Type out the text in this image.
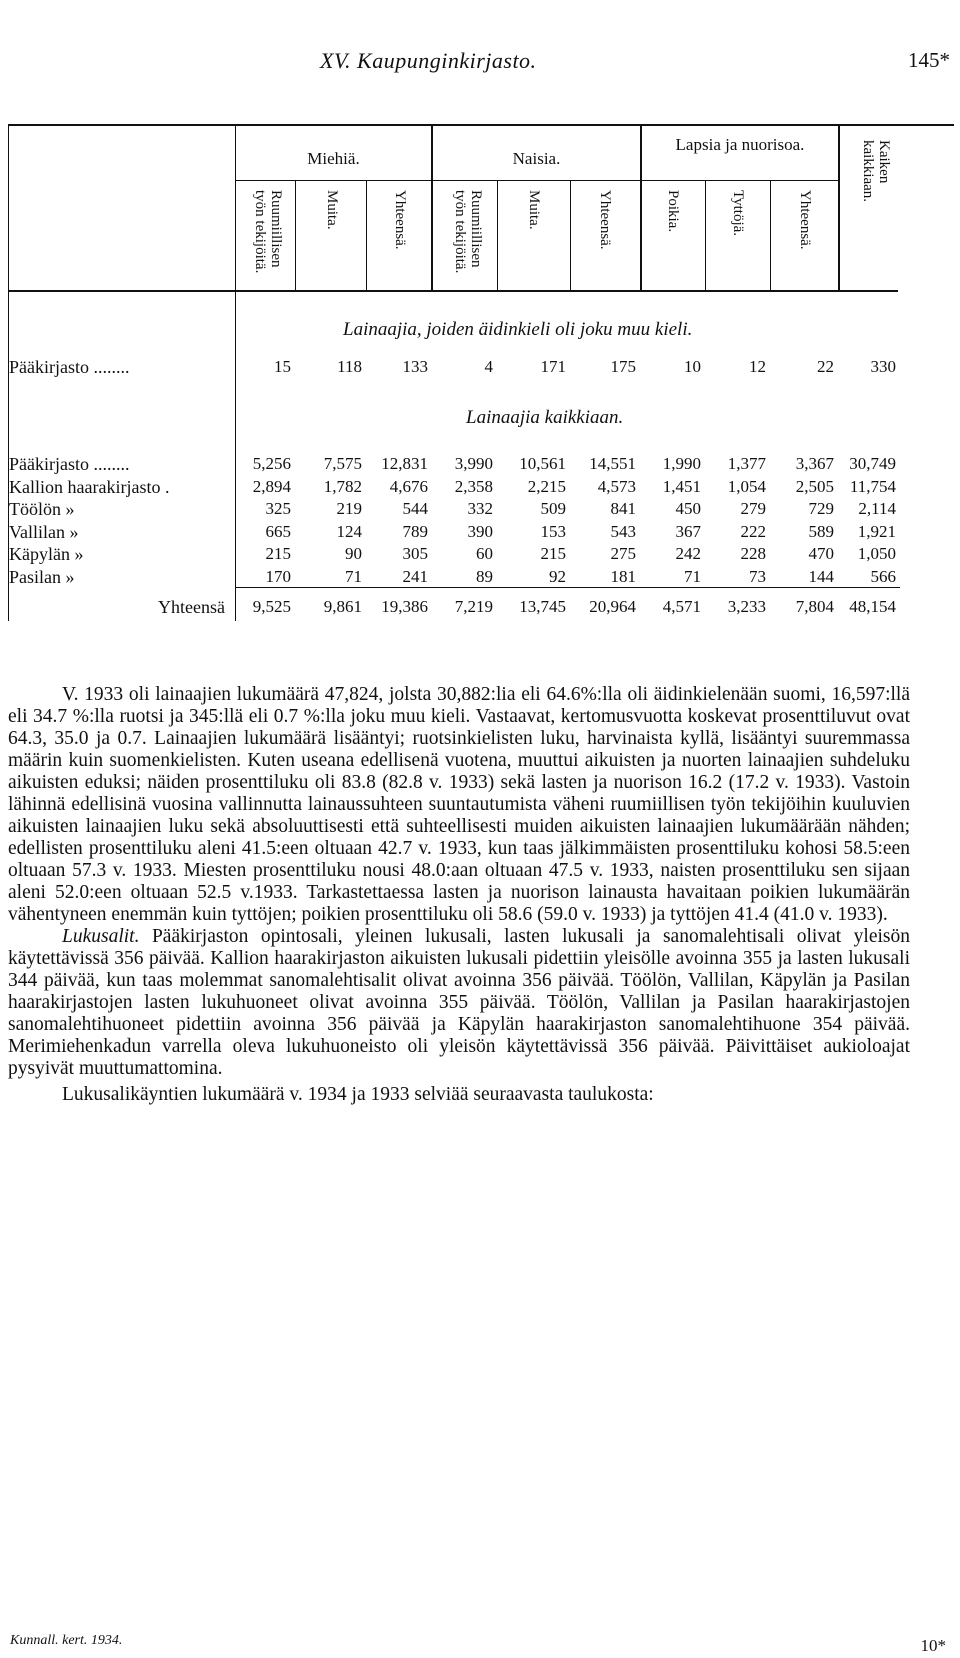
XV. Kaupunginkirjasto.	145*
Miehiä.	Naisia.
Lapsia ja nuorisoa.
Ruumiillisen työn tekijöitä.	Muita.	Yhteensä.	Ruumiillisen työn tekijöitä.	Muita.	Yhteensä.	Poikia.	Tyttöjä.	Yhteensä.
Kaiken kaikkiaan.
Lainaajia, joiden äidinkieli oli joku muu kieli.
Lainaajia kaikkiaan.
Pääkirjasto ........	15	118	133	4	171	175	10	12	22	330
Pääkirjasto ........	5,256	7,575	12,831	3,990	10,561	14,551	1,990	1,377	3,367 30,749
Kallion haarakirjasto .	2,894	1,782	4,676	2,358	2,215	4,573	1,451	1,054	2,505 11,754
Töölön »	325	219	544	332	509	841	450	279	729	2,114
Vallilan »	665	124	789	390	153	543	367	222	589	1,921
Käpylän »	215	90	305	60	215	275	242	228	470	1,050
Pasilan »	170	71	241	89	92	181	71	73	144	566
Yhteensä	9,525	9,861	19,386	7,219	13,745	20,964	4,571	3,233	7,804 48,154

V. 1933 oli lainaajien lukumäärä 47,824, jolsta 30,882:lia eli 64.6%:lla oli äidinkielenään suomi, 16,597:llä eli 34.7 %:lla ruotsi ja 345:llä eli 0.7 %:lla joku muu kieli. Vastaavat, kertomusvuotta koskevat prosenttiluvut ovat 64.3, 35.0 ja 0.7. Lainaajien lukumäärä lisääntyi; ruotsinkielisten luku, harvinaista kyllä, lisääntyi suuremmassa määrin kuin suomenkielisten. Kuten useana edellisenä vuotena, muuttui aikuisten ja nuorten lainaajien suhdeluku aikuisten eduksi; näiden prosenttiluku oli 83.8 (82.8 v. 1933) sekä lasten ja nuorison 16.2 (17.2 v. 1933). Vastoin lähinnä edellisinä vuosina vallinnutta lainaussuhteen suuntautumista väheni ruumiillisen työn tekijöihin kuuluvien aikuisten lainaajien luku sekä absoluuttisesti että suhteellisesti muiden aikuisten lainaajien lukumäärään nähden; edellisten prosenttiluku aleni 41.5:een oltuaan 42.7 v. 1933, kun taas jälkimmäisten prosenttiluku kohosi 58.5:een oltuaan 57.3 v. 1933. Miesten prosenttiluku nousi 48.0:aan oltuaan 47.5 v. 1933, naisten prosenttiluku sen sijaan aleni 52.0:een oltuaan 52.5 v.1933. Tarkastettaessa lasten ja nuorison lainausta havaitaan poikien lukumäärän vähentyneen enemmän kuin tyttöjen; poikien prosenttiluku oli 58.6 (59.0 v. 1933) ja tyttöjen 41.4 (41.0 v. 1933).

Lukusalit. Pääkirjaston opintosali, yleinen lukusali, lasten lukusali ja sanomalehtisali olivat yleisön käytettävissä 356 päivää. Kallion haarakirjaston aikuisten lukusali pidettiin yleisölle avoinna 355 ja lasten lukusali 344 päivää, kun taas molemmat sanomalehtisalit olivat avoinna 356 päivää. Töölön, Vallilan, Käpylän ja Pasilan haarakirjastojen lasten lukuhuoneet olivat avoinna 355 päivää. Töölön, Vallilan ja Pasilan haarakirjastojen sanomalehtihuoneet pidettiin avoinna 356 päivää ja Käpylän haarakirjaston sanomalehtihuone 354 päivää. Merimiehenkadun varrella oleva lukuhuoneisto oli yleisön käytettävissä 356 päivää. Päivittäiset aukioloajat pysyivät muuttumattomina.

Lukusalikäyntien lukumäärä v. 1934 ja 1933 selviää seuraavasta taulukosta:

Kunnall. kert. 1934.	10*
